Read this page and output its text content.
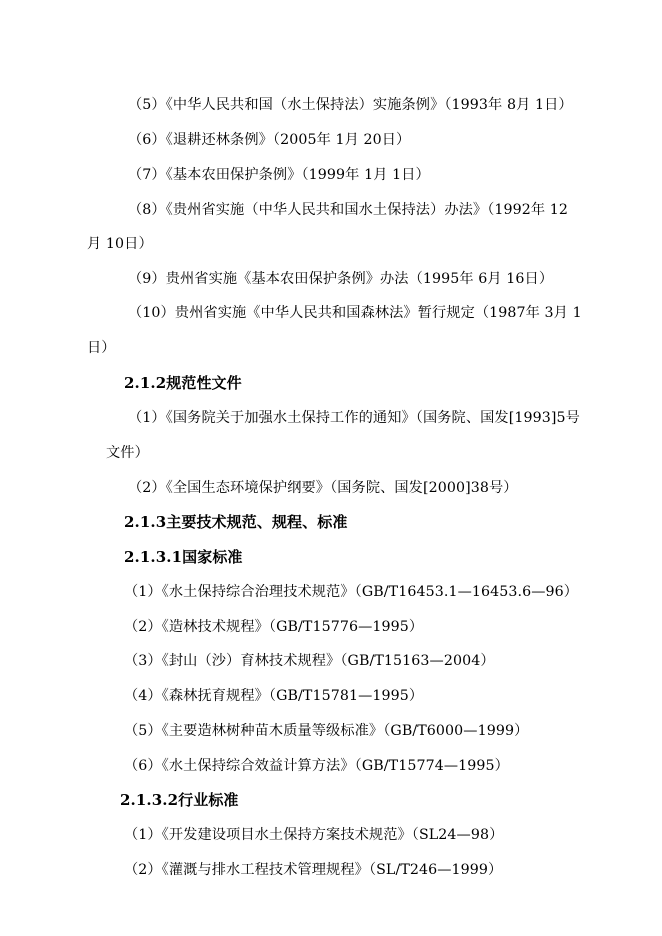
（5）《中华人民共和国（水土保持法）实施条例》（1993年 8月 1日）
（6）《退耕还林条例》（2005年 1月 20日）
（7）《基本农田保护条例》（1999年 1月 1日）
（8）《贵州省实施（中华人民共和国水土保持法）办法》（1992年 12
月 10日）
（9）贵州省实施《基本农田保护条例》办法（1995年 6月 16日）
（10）贵州省实施《中华人民共和国森林法》暂行规定（1987年 3月 1
日）
2.1.2规范性文件
（1）《国务院关于加强水土保持工作的通知》（国务院、国发[1993]5号
文件）
（2）《全国生态环境保护纲要》（国务院、国发[2000]38号）
2.1.3主要技术规范、规程、标准
2.1.3.1国家标准
（1）《水土保持综合治理技术规范》（GB/T16453.1—16453.6—96）
（2）《造林技术规程》（GB/T15776—1995）
（3）《封山（沙）育林技术规程》（GB/T15163—2004）
（4）《森林抚育规程》（GB/T15781—1995）
（5）《主要造林树种苗木质量等级标准》（GB/T6000—1999）
（6）《水土保持综合效益计算方法》（GB/T15774—1995）
2.1.3.2行业标准
（1）《开发建设项目水土保持方案技术规范》（SL24—98）
（2）《灌溉与排水工程技术管理规程》（SL/T246—1999）
